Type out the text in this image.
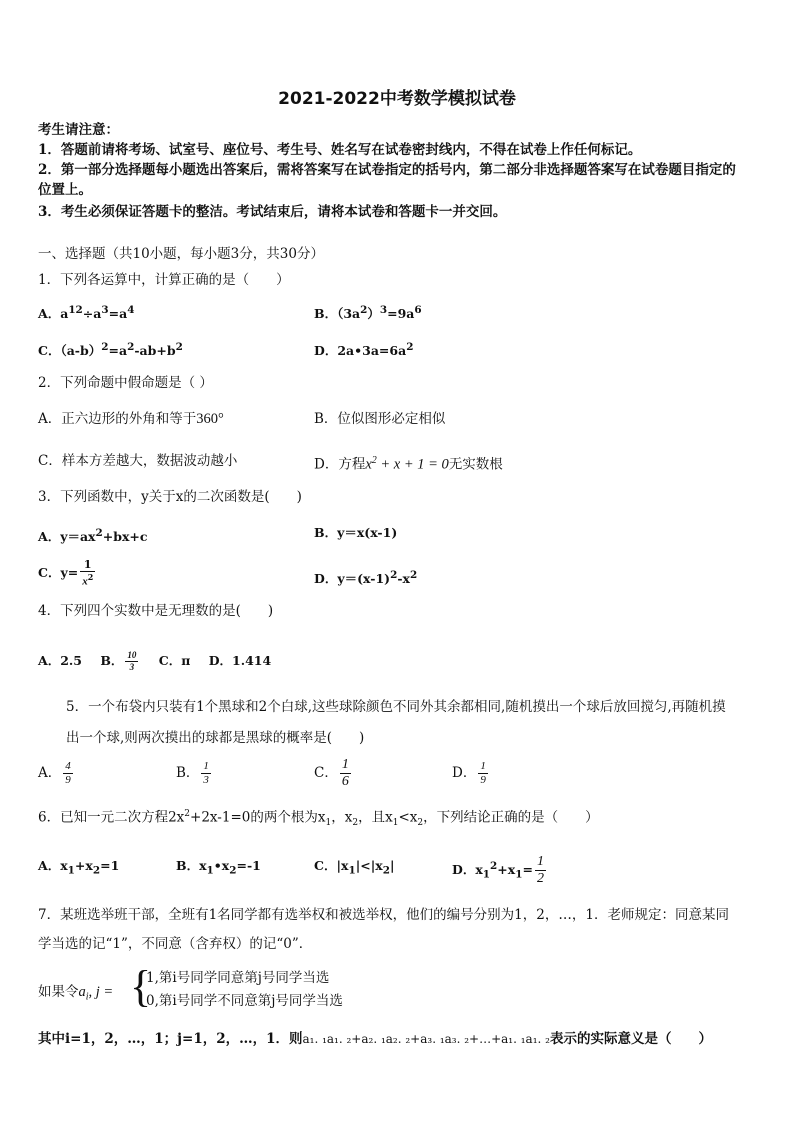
2021-2022中考数学模拟试卷
考生请注意：
1．答题前请将考场、试室号、座位号、考生号、姓名写在试卷密封线内，不得在试卷上作任何标记。
2．第一部分选择题每小题选出答案后，需将答案写在试卷指定的括号内，第二部分非选择题答案写在试卷题目指定的
位置上。
3．考生必须保证答题卡的整洁。考试结束后，请将本试卷和答题卡一并交回。
一、选择题（共10小题，每小题3分，共30分）
1．下列各运算中，计算正确的是（　　）
A．$a^{12}\div a^3=a^4$	B．$(3a^2)^3=9a^6$
C．$(a-b)^2=a^2-ab+b^2$	D．$2a•3a=6a^2$
2．下列命题中假命题是（ ）
A．正六边形的外角和等于360°	B．位似图形必定相似
C．样本方差越大，数据波动越小	D．方程$x^2 + x + 1 = 0$无实数根
3．下列函数中，y关于x的二次函数是(　　)
A．$y=ax^2+bx+c$	B．y＝x(x-1)
C．$y= \frac{1}{x^2}$	D．$y=(x-1)^2-x^2$
4．下列四个实数中是无理数的是(　　)
A．2.5 B． $\frac{10}{3}$ C．π D．1.414
5．一个布袋内只装有1个黑球和2个白球,这些球除颜色不同外其余都相同,随机摸出一个球后放回搅匀,再随机摸
出一个球,则两次摸出的球都是黑球的概率是(　　)
A． $\frac{4}{9}$	B． $\frac{1}{3}$	C． $\frac{1}{6}$	D． $\frac{1}{9}$
6．已知一元二次方程$2x^2+2x-1=0$的两个根为$x_1$，$x_2$，且$x_1<x_2$，下列结论正确的是（　　）
A．$x_1+x_2=1$	B．$x_1•x_2=-1$	C．$|x_1|<|x_2|$	D．$x_1^2+x_1= \frac{1}{2}$
7．某班选举班干部，全班有1名同学都有选举权和被选举权，他们的编号分别为1，2，…，1．老师规定：同意某同
学当选的记“1”，不同意（含弃权）的记“0”．
如果令$a_i$, j = {
1,第i号同学同意第j号同学当选
0,第i号同学不同意第j号同学当选
其中i=1，2，…，1；j=1，2，…，1．则a₁. ₁a₁. ₂+a₂. ₁a₂. ₂+a₃. ₁a₃. ₂+…+a₁. ₁a₁. ₂表示的实际意义是（　　）
